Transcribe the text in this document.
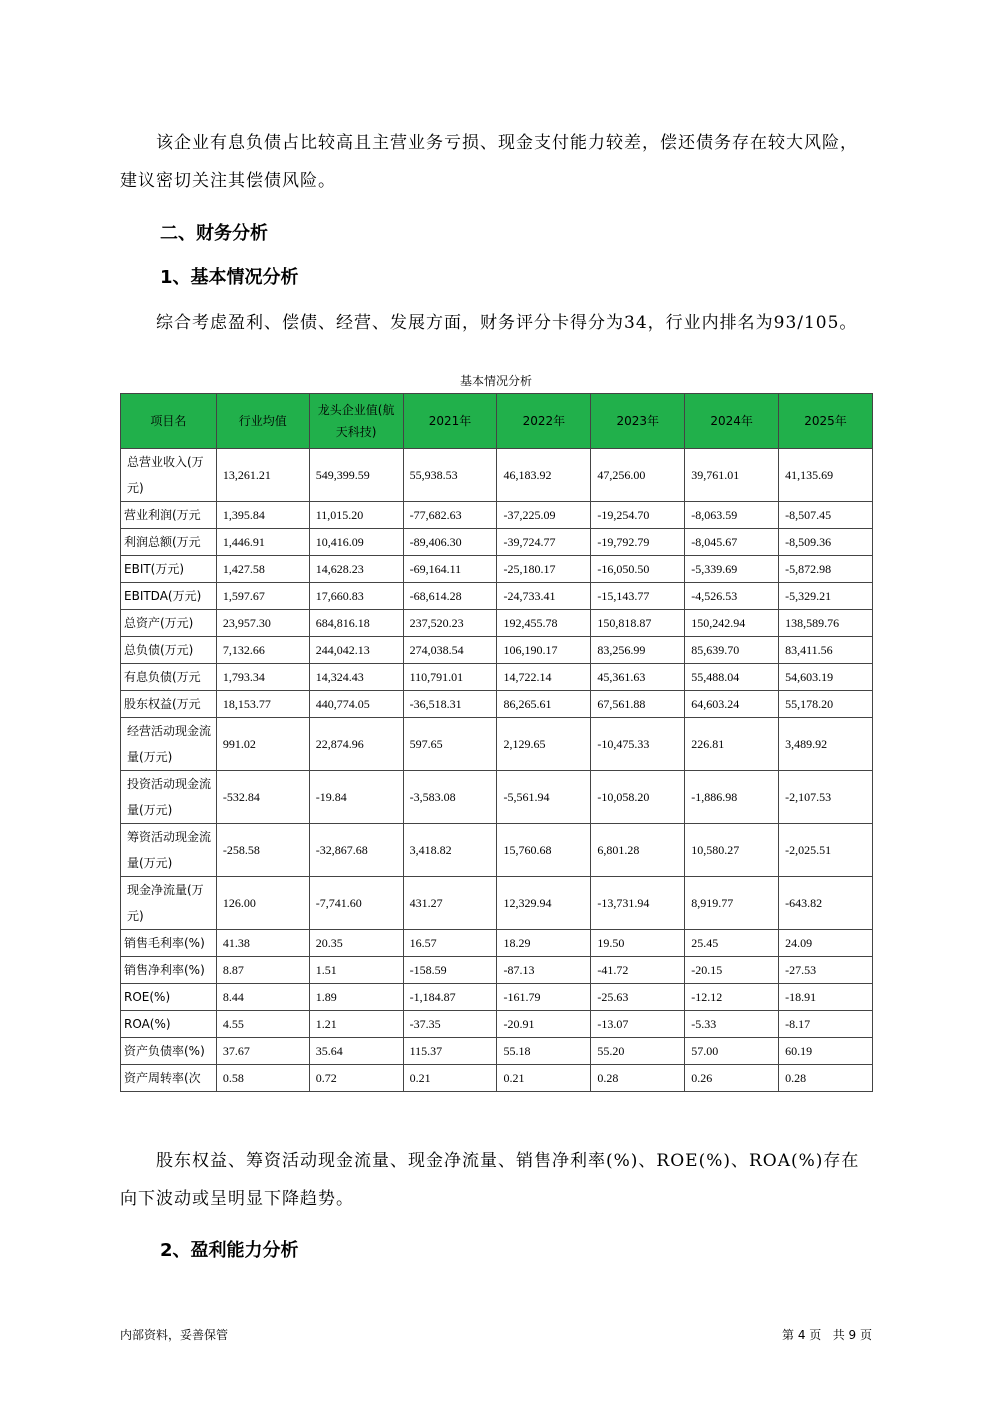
该企业有息负债占比较高且主营业务亏损、现金支付能力较差，偿还债务存在较大风险，建议密切关注其偿债风险。

二、财务分析
1、基本情况分析

综合考虑盈利、偿债、经营、发展方面，财务评分卡得分为34，行业内排名为93/105。

基本情况分析
项目名	行业均值	龙头企业值(航天科技)	2021年	2022年	2023年	2024年	2025年
总营业收入(万元)	13,261.21	549,399.59	55,938.53	46,183.92	47,256.00	39,761.01	41,135.69
营业利润(万元	1,395.84	11,015.20	-77,682.63	-37,225.09	-19,254.70	-8,063.59	-8,507.45
利润总额(万元	1,446.91	10,416.09	-89,406.30	-39,724.77	-19,792.79	-8,045.67	-8,509.36
EBIT(万元)	1,427.58	14,628.23	-69,164.11	-25,180.17	-16,050.50	-5,339.69	-5,872.98
EBITDA(万元)	1,597.67	17,660.83	-68,614.28	-24,733.41	-15,143.77	-4,526.53	-5,329.21
总资产(万元)	23,957.30	684,816.18	237,520.23	192,455.78	150,818.87	150,242.94	138,589.76
总负债(万元)	7,132.66	244,042.13	274,038.54	106,190.17	83,256.99	85,639.70	83,411.56
有息负债(万元	1,793.34	14,324.43	110,791.01	14,722.14	45,361.63	55,488.04	54,603.19
股东权益(万元	18,153.77	440,774.05	-36,518.31	86,265.61	67,561.88	64,603.24	55,178.20
经营活动现金流量(万元)	991.02	22,874.96	597.65	2,129.65	-10,475.33	226.81	3,489.92
投资活动现金流量(万元)	-532.84	-19.84	-3,583.08	-5,561.94	-10,058.20	-1,886.98	-2,107.53
筹资活动现金流量(万元)	-258.58	-32,867.68	3,418.82	15,760.68	6,801.28	10,580.27	-2,025.51
现金净流量(万元)	126.00	-7,741.60	431.27	12,329.94	-13,731.94	8,919.77	-643.82
销售毛利率(%)	41.38	20.35	16.57	18.29	19.50	25.45	24.09
销售净利率(%)	8.87	1.51	-158.59	-87.13	-41.72	-20.15	-27.53
ROE(%)	8.44	1.89	-1,184.87	-161.79	-25.63	-12.12	-18.91
ROA(%)	4.55	1.21	-37.35	-20.91	-13.07	-5.33	-8.17
资产负债率(%)	37.67	35.64	115.37	55.18	55.20	57.00	60.19
资产周转率(次	0.58	0.72	0.21	0.21	0.28	0.26	0.28

股东权益、筹资活动现金流量、现金净流量、销售净利率(%)、ROE(%)、ROA(%)存在向下波动或呈明显下降趋势。

2、盈利能力分析
内部资料，妥善保管	第 4 页   共 9 页
